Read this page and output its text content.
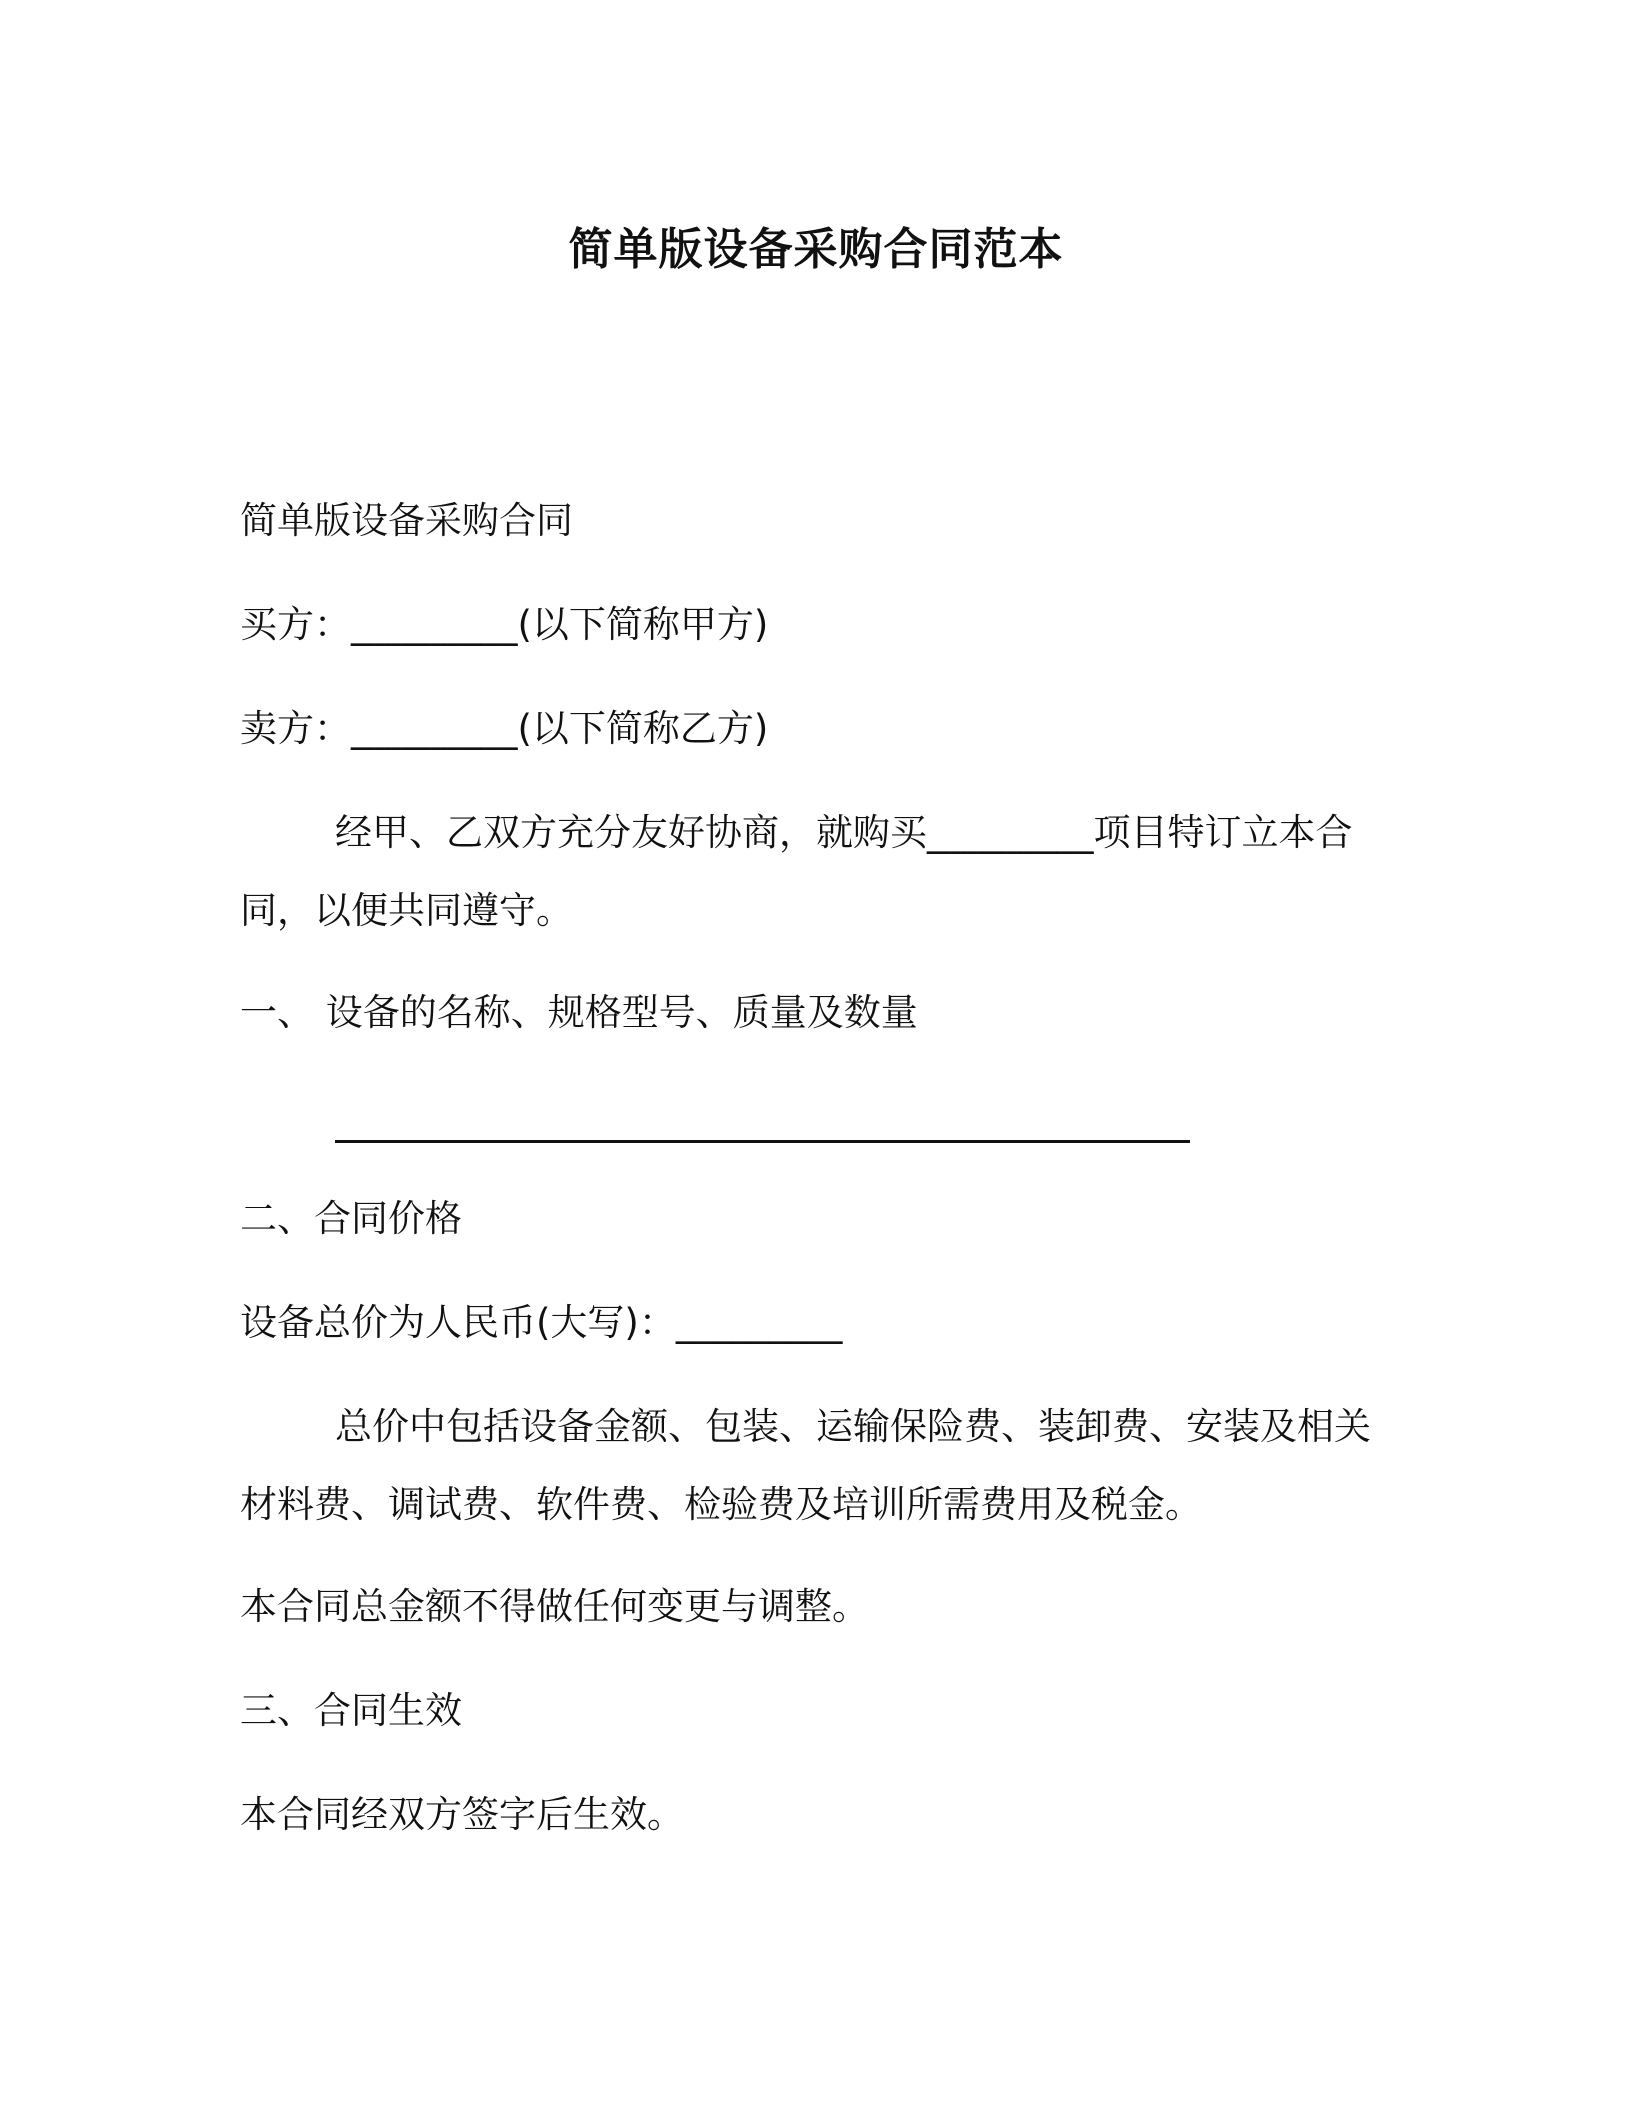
简单版设备采购合同范本
简单版设备采购合同
买方：_________(以下简称甲方)
卖方：_________(以下简称乙方)
经甲、乙双方充分友好协商，就购买_________项目特订立本合同，以便共同遵守。
一、 设备的名称、规格型号、质量及数量
二、合同价格
设备总价为人民币(大写)：_________
总价中包括设备金额、包装、运输保险费、装卸费、安装及相关材料费、调试费、软件费、检验费及培训所需费用及税金。
本合同总金额不得做任何变更与调整。
三、合同生效
本合同经双方签字后生效。
